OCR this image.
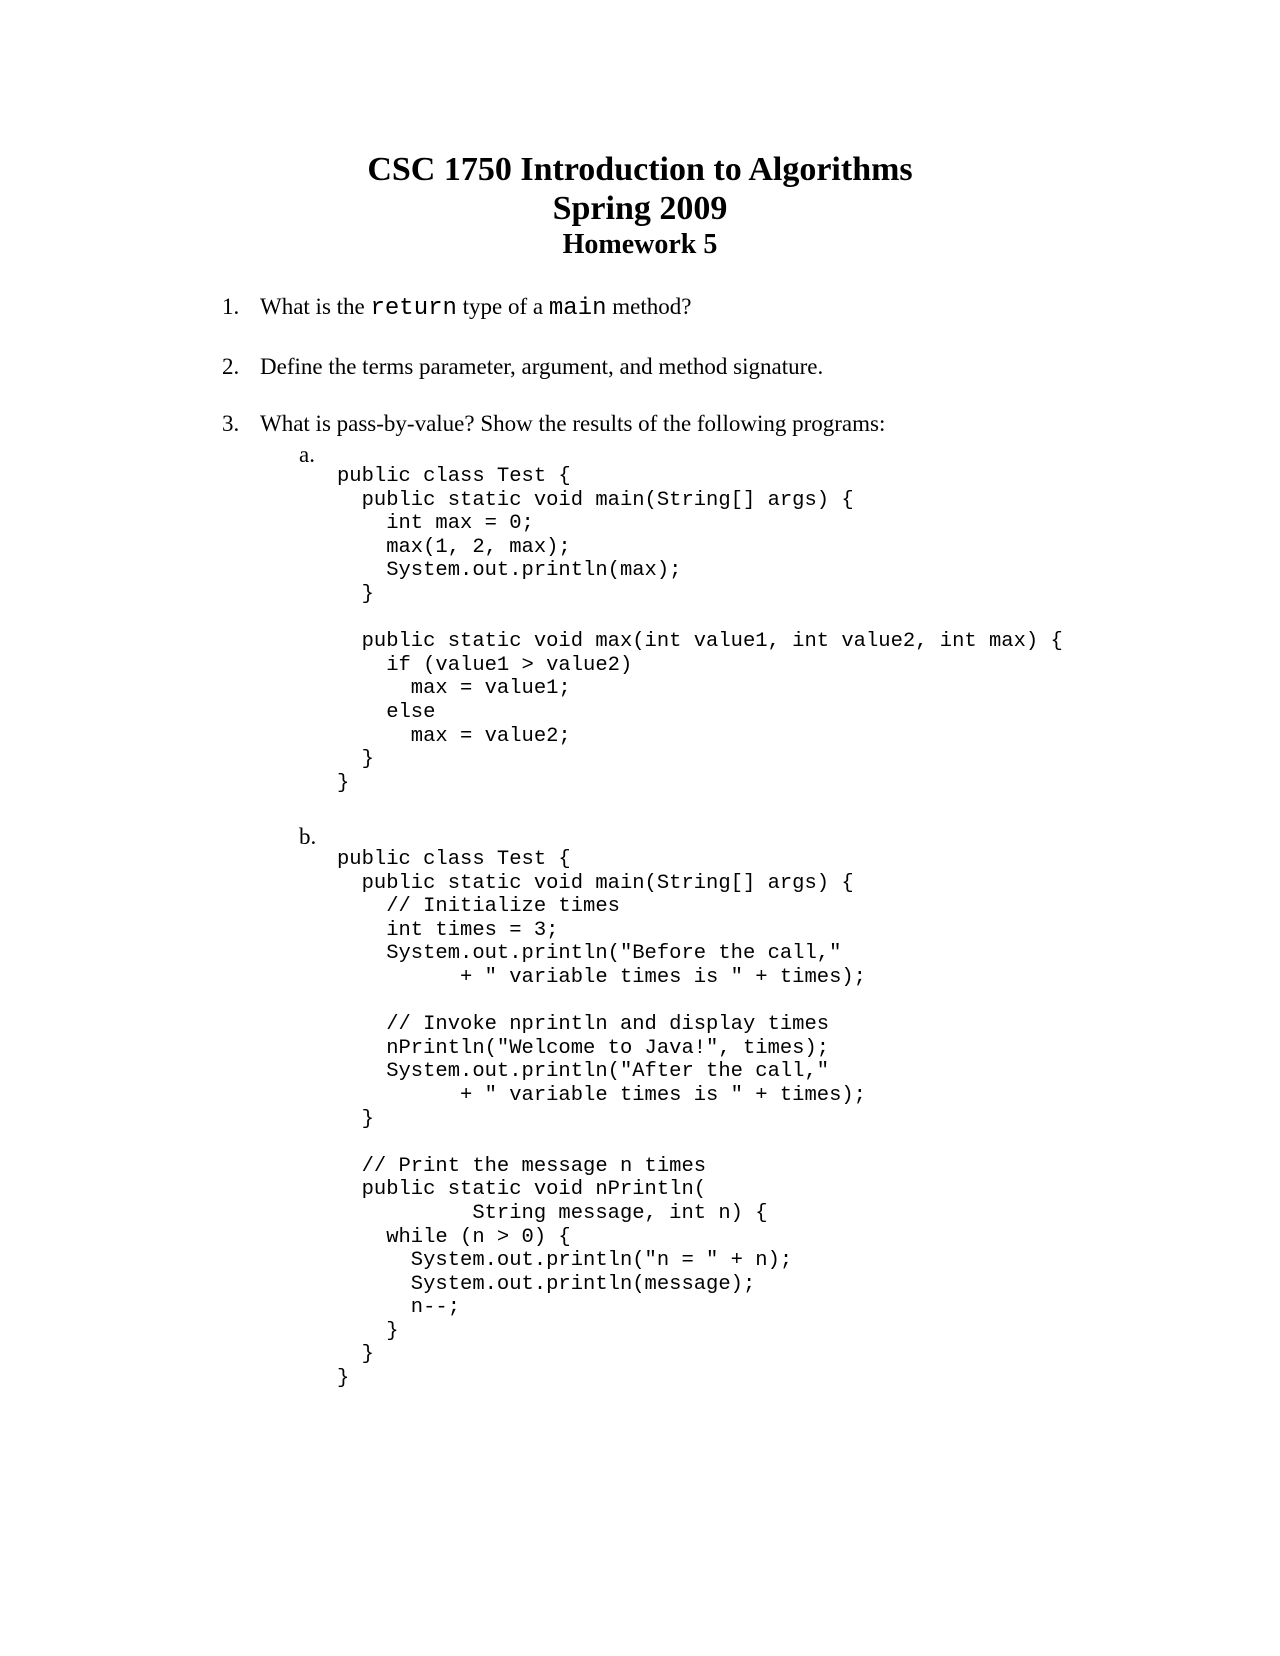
CSC 1750 Introduction to Algorithms
Spring 2009
Homework 5
1. What is the return type of a main method?
2. Define the terms parameter, argument, and method signature.
3. What is pass-by-value? Show the results of the following programs:
a.
public class Test {
public static void main(String[] args) {
int max = 0;
max(1, 2, max);
System.out.println(max);
}
public static void max(int value1, int value2, int max) {
if (value1 > value2)
max = value1;
else
max = value2;
}
}
b.
public class Test {
public static void main(String[] args) {
// Initialize times
int times = 3;
System.out.println("Before the call,"
+ " variable times is " + times);
// Invoke nprintln and display times
nPrintln("Welcome to Java!", times);
System.out.println("After the call,"
+ " variable times is " + times);
}
// Print the message n times
public static void nPrintln(
String message, int n) {
while (n > 0) {
System.out.println("n = " + n);
System.out.println(message);
n--;
}
}
}
